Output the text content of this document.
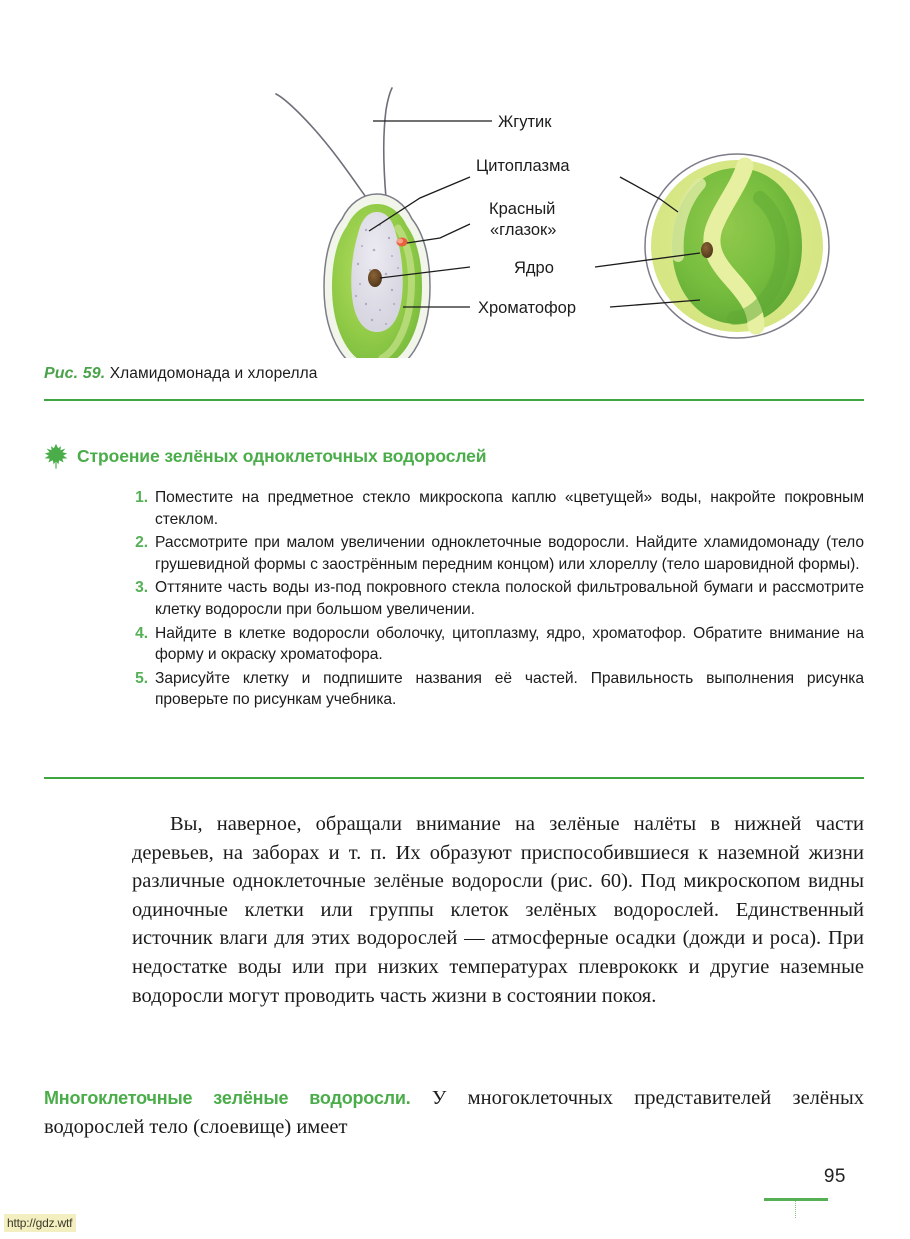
Жгутик
Цитоплазма
Красный
«глазок»
Ядро
Хроматофор
Рис. 59. Хламидомонада и хлорелла
Строение зелёных одноклеточных водорослей
1. Поместите на предметное стекло микроскопа каплю «цветущей» воды, накройте покровным стеклом.
2. Рассмотрите при малом увеличении одноклеточные водоросли. Найдите хламидомонаду (тело грушевидной формы с заострённым передним концом) или хлореллу (тело шаровидной формы).
3. Оттяните часть воды из-под покровного стекла полоской фильтровальной бумаги и рассмотрите клетку водоросли при большом увеличении.
4. Найдите в клетке водоросли оболочку, цитоплазму, ядро, хроматофор. Обратите внимание на форму и окраску хроматофора.
5. Зарисуйте клетку и подпишите названия её частей. Правильность выполнения рисунка проверьте по рисункам учебника.

Вы, наверное, обращали внимание на зелёные налёты в нижней части деревьев, на заборах и т. п. Их образуют приспособившиеся к наземной жизни различные одноклеточные зелёные водоросли (рис. 60). Под микроскопом видны одиночные клетки или группы клеток зелёных водорослей. Единственный источник влаги для этих водорослей — атмосферные осадки (дожди и роса). При недостатке воды или при низких температурах плеврококк и другие наземные водоросли могут проводить часть жизни в состоянии покоя.

Многоклеточные зелёные водоросли. У многоклеточных представителей зелёных водорослей тело (слоевище) имеет

95
http://gdz.wtf
